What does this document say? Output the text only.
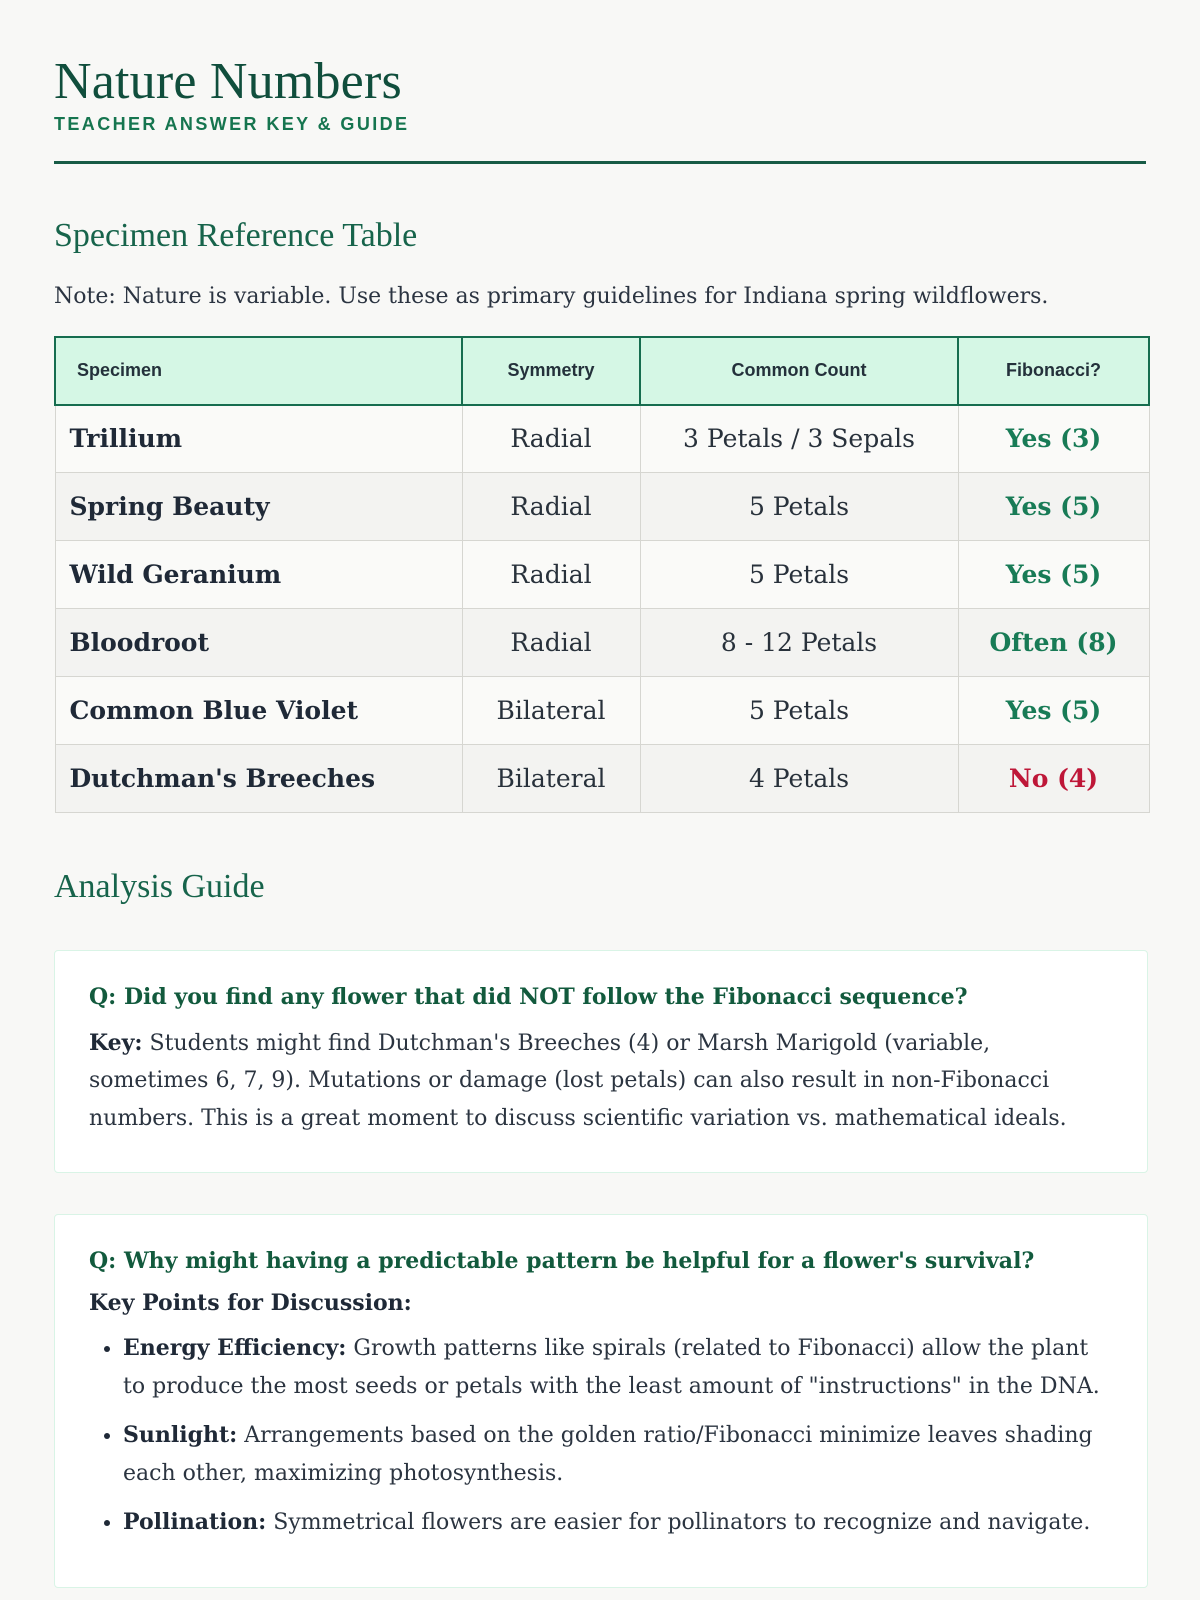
Nature Numbers
TEACHER ANSWER KEY & GUIDE
Specimen Reference Table

Note: Nature is variable. Use these as primary guidelines for Indiana spring wildflowers.

Specimen	Symmetry	Common Count	Fibonacci?
Trillium	Radial	3 Petals / 3 Sepals	Yes (3)
Spring Beauty	Radial	5 Petals	Yes (5)
Wild Geranium	Radial	5 Petals	Yes (5)
Bloodroot	Radial	8 - 12 Petals	Often (8)
Common Blue Violet	Bilateral	5 Petals	Yes (5)
Dutchman's Breeches	Bilateral	4 Petals	No (4)
Analysis Guide

Q: Did you find any flower that did NOT follow the Fibonacci sequence?

Key: Students might find Dutchman's Breeches (4) or Marsh Marigold (variable, sometimes 6, 7, 9). Mutations or damage (lost petals) can also result in non-Fibonacci numbers. This is a great moment to discuss scientific variation vs. mathematical ideals.

Q: Why might having a predictable pattern be helpful for a flower's survival?

Key Points for Discussion:

• Energy Efficiency: Growth patterns like spirals (related to Fibonacci) allow the plant to produce the most seeds or petals with the least amount of "instructions" in the DNA.
• Sunlight: Arrangements based on the golden ratio/Fibonacci minimize leaves shading each other, maximizing photosynthesis.
• Pollination: Symmetrical flowers are easier for pollinators to recognize and navigate.
